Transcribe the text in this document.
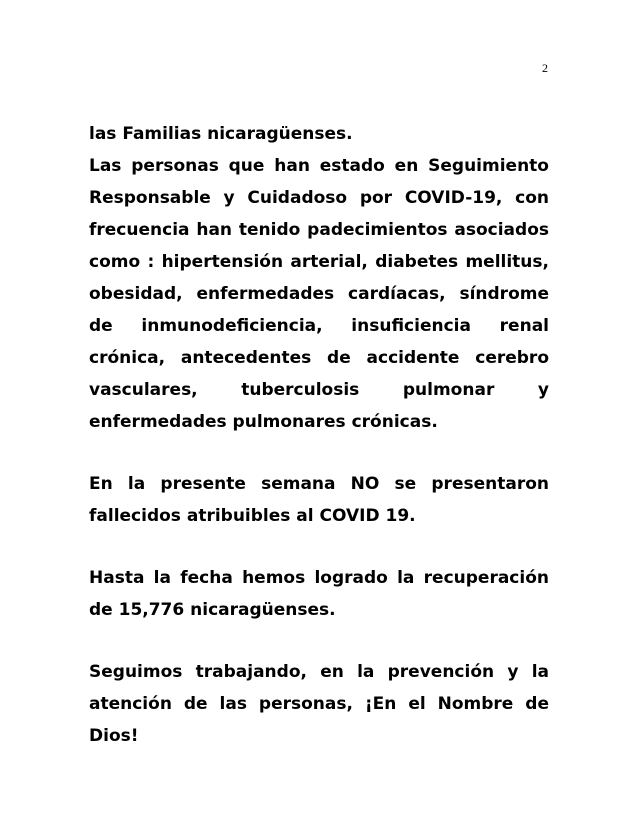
2

las Familias nicaragüenses.

Las personas que han estado en Seguimiento Responsable y Cuidadoso por COVID-19, con frecuencia han tenido padecimientos asociados como : hipertensión arterial, diabetes mellitus, obesidad, enfermedades cardíacas, síndrome de inmunodeficiencia, insuficiencia renal crónica, antecedentes de accidente cerebro vasculares, tuberculosis pulmonar y enfermedades pulmonares crónicas.

En la presente semana NO se presentaron fallecidos atribuibles al COVID 19.

Hasta la fecha hemos logrado la recuperación de 15,776 nicaragüenses.

Seguimos trabajando, en la prevención y la atención de las personas, ¡En el Nombre de Dios!
